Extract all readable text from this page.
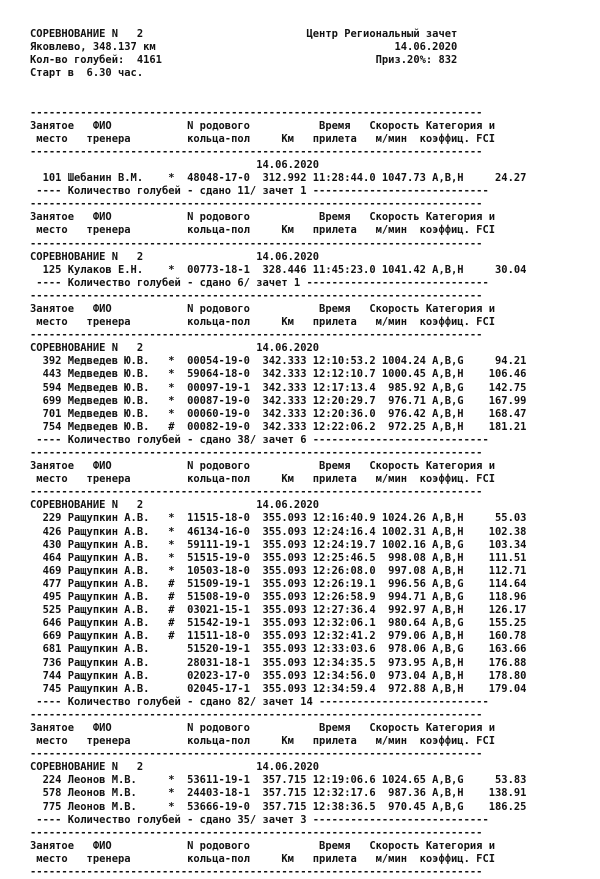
СОРЕВНОВАНИЕ N   2                          Центр Региональный зачет
Яковлево, 348.137 км                                      14.06.2020
Кол-во голубей:  4161                                  Приз.20%: 832
Старт в  6.30 час.

------------------------------------------------------------------------
Занятое   ФИО            N родового           Время   Скорость Категория и
место   тренера         кольца-пол     Км   прилета   м/мин  коэффиц. FCI
------------------------------------------------------------------------
14.06.2020
101 Шебанин В.М.    *  48048-17-0  312.992 11:28:44.0 1047.73 A,B,H     24.27
---- Количество голубей - сдано 11/ зачет 1 ----------------------------
------------------------------------------------------------------------
Занятое   ФИО            N родового           Время   Скорость Категория и
место   тренера         кольца-пол     Км   прилета   м/мин  коэффиц. FCI
------------------------------------------------------------------------
СОРЕВНОВАНИЕ N   2                  14.06.2020
125 Кулаков Е.Н.    *  00773-18-1  328.446 11:45:23.0 1041.42 A,B,H     30.04
---- Количество голубей - сдано 6/ зачет 1 -----------------------------
------------------------------------------------------------------------
Занятое   ФИО            N родового           Время   Скорость Категория и
место   тренера         кольца-пол     Км   прилета   м/мин  коэффиц. FCI
------------------------------------------------------------------------
СОРЕВНОВАНИЕ N   2                  14.06.2020
392 Медведев Ю.В.   *  00054-19-0  342.333 12:10:53.2 1004.24 A,B,G     94.21
443 Медведев Ю.В.   *  59064-18-0  342.333 12:12:10.7 1000.45 A,B,H    106.46
594 Медведев Ю.В.   *  00097-19-1  342.333 12:17:13.4  985.92 A,B,G    142.75
699 Медведев Ю.В.   *  00087-19-0  342.333 12:20:29.7  976.71 A,B,G    167.99
701 Медведев Ю.В.   *  00060-19-0  342.333 12:20:36.0  976.42 A,B,H    168.47
754 Медведев Ю.В.   #  00082-19-0  342.333 12:22:06.2  972.25 A,B,H    181.21
---- Количество голубей - сдано 38/ зачет 6 ----------------------------
------------------------------------------------------------------------
Занятое   ФИО            N родового           Время   Скорость Категория и
место   тренера         кольца-пол     Км   прилета   м/мин  коэффиц. FCI
------------------------------------------------------------------------
СОРЕВНОВАНИЕ N   2                  14.06.2020
229 Ращупкин А.В.   *  11515-18-0  355.093 12:16:40.9 1024.26 A,B,H     55.03
426 Ращупкин А.В.   *  46134-16-0  355.093 12:24:16.4 1002.31 A,B,H    102.38
430 Ращупкин А.В.   *  59111-19-1  355.093 12:24:19.7 1002.16 A,B,G    103.34
464 Ращупкин А.В.   *  51515-19-0  355.093 12:25:46.5  998.08 A,B,H    111.51
469 Ращупкин А.В.   *  10503-18-0  355.093 12:26:08.0  997.08 A,B,H    112.71
477 Ращупкин А.В.   #  51509-19-1  355.093 12:26:19.1  996.56 A,B,G    114.64
495 Ращупкин А.В.   #  51508-19-0  355.093 12:26:58.9  994.71 A,B,G    118.96
525 Ращупкин А.В.   #  03021-15-1  355.093 12:27:36.4  992.97 A,B,H    126.17
646 Ращупкин А.В.   #  51542-19-1  355.093 12:32:06.1  980.64 A,B,G    155.25
669 Ращупкин А.В.   #  11511-18-0  355.093 12:32:41.2  979.06 A,B,H    160.78
681 Ращупкин А.В.      51520-19-1  355.093 12:33:03.6  978.06 A,B,G    163.66
736 Ращупкин А.В.      28031-18-1  355.093 12:34:35.5  973.95 A,B,H    176.88
744 Ращупкин А.В.      02023-17-0  355.093 12:34:56.0  973.04 A,B,H    178.80
745 Ращупкин А.В.      02045-17-1  355.093 12:34:59.4  972.88 A,B,H    179.04
---- Количество голубей - сдано 82/ зачет 14 ---------------------------
------------------------------------------------------------------------
Занятое   ФИО            N родового           Время   Скорость Категория и
место   тренера         кольца-пол     Км   прилета   м/мин  коэффиц. FCI
------------------------------------------------------------------------
СОРЕВНОВАНИЕ N   2                  14.06.2020
224 Леонов М.В.     *  53611-19-1  357.715 12:19:06.6 1024.65 A,B,G     53.83
578 Леонов М.В.     *  24403-18-1  357.715 12:32:17.6  987.36 A,B,H    138.91
775 Леонов М.В.     *  53666-19-0  357.715 12:38:36.5  970.45 A,B,G    186.25
---- Количество голубей - сдано 35/ зачет 3 ----------------------------
------------------------------------------------------------------------
Занятое   ФИО            N родового           Время   Скорость Категория и
место   тренера         кольца-пол     Км   прилета   м/мин  коэффиц. FCI
------------------------------------------------------------------------
